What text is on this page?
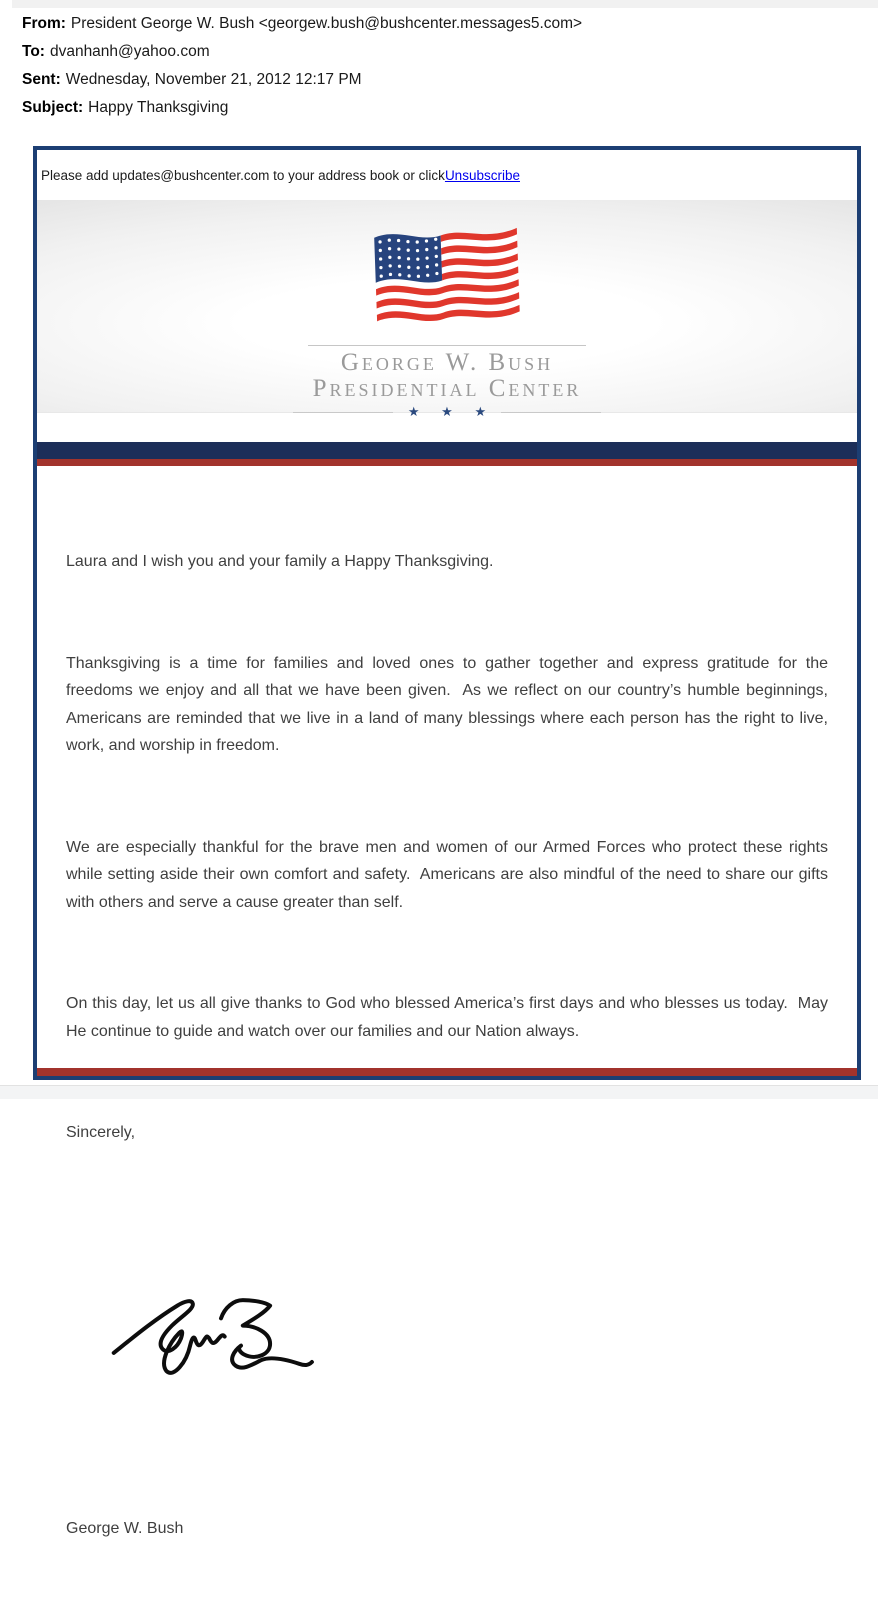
From: President George W. Bush <georgew.bush@bushcenter.messages5.com>
To: dvanhanh@yahoo.com
Sent: Wednesday, November 21, 2012 12:17 PM
Subject: Happy Thanksgiving
Please add updates@bushcenter.com to your address book or click Unsubscribe
George W. Bush
Presidential Center
★ ★ ★

Laura and I wish you and your family a Happy Thanksgiving.

Thanksgiving is a time for families and loved ones to gather together and express gratitude for the freedoms we enjoy and all that we have been given.  As we reflect on our country’s humble beginnings, Americans are reminded that we live in a land of many blessings where each person has the right to live, work, and worship in freedom.

We are especially thankful for the brave men and women of our Armed Forces who protect these rights while setting aside their own comfort and safety.  Americans are also mindful of the need to share our gifts with others and serve a cause greater than self.

On this day, let us all give thanks to God who blessed America’s first days and who blesses us today.  May He continue to guide and watch over our families and our Nation always.

Sincerely,

George W. Bush
